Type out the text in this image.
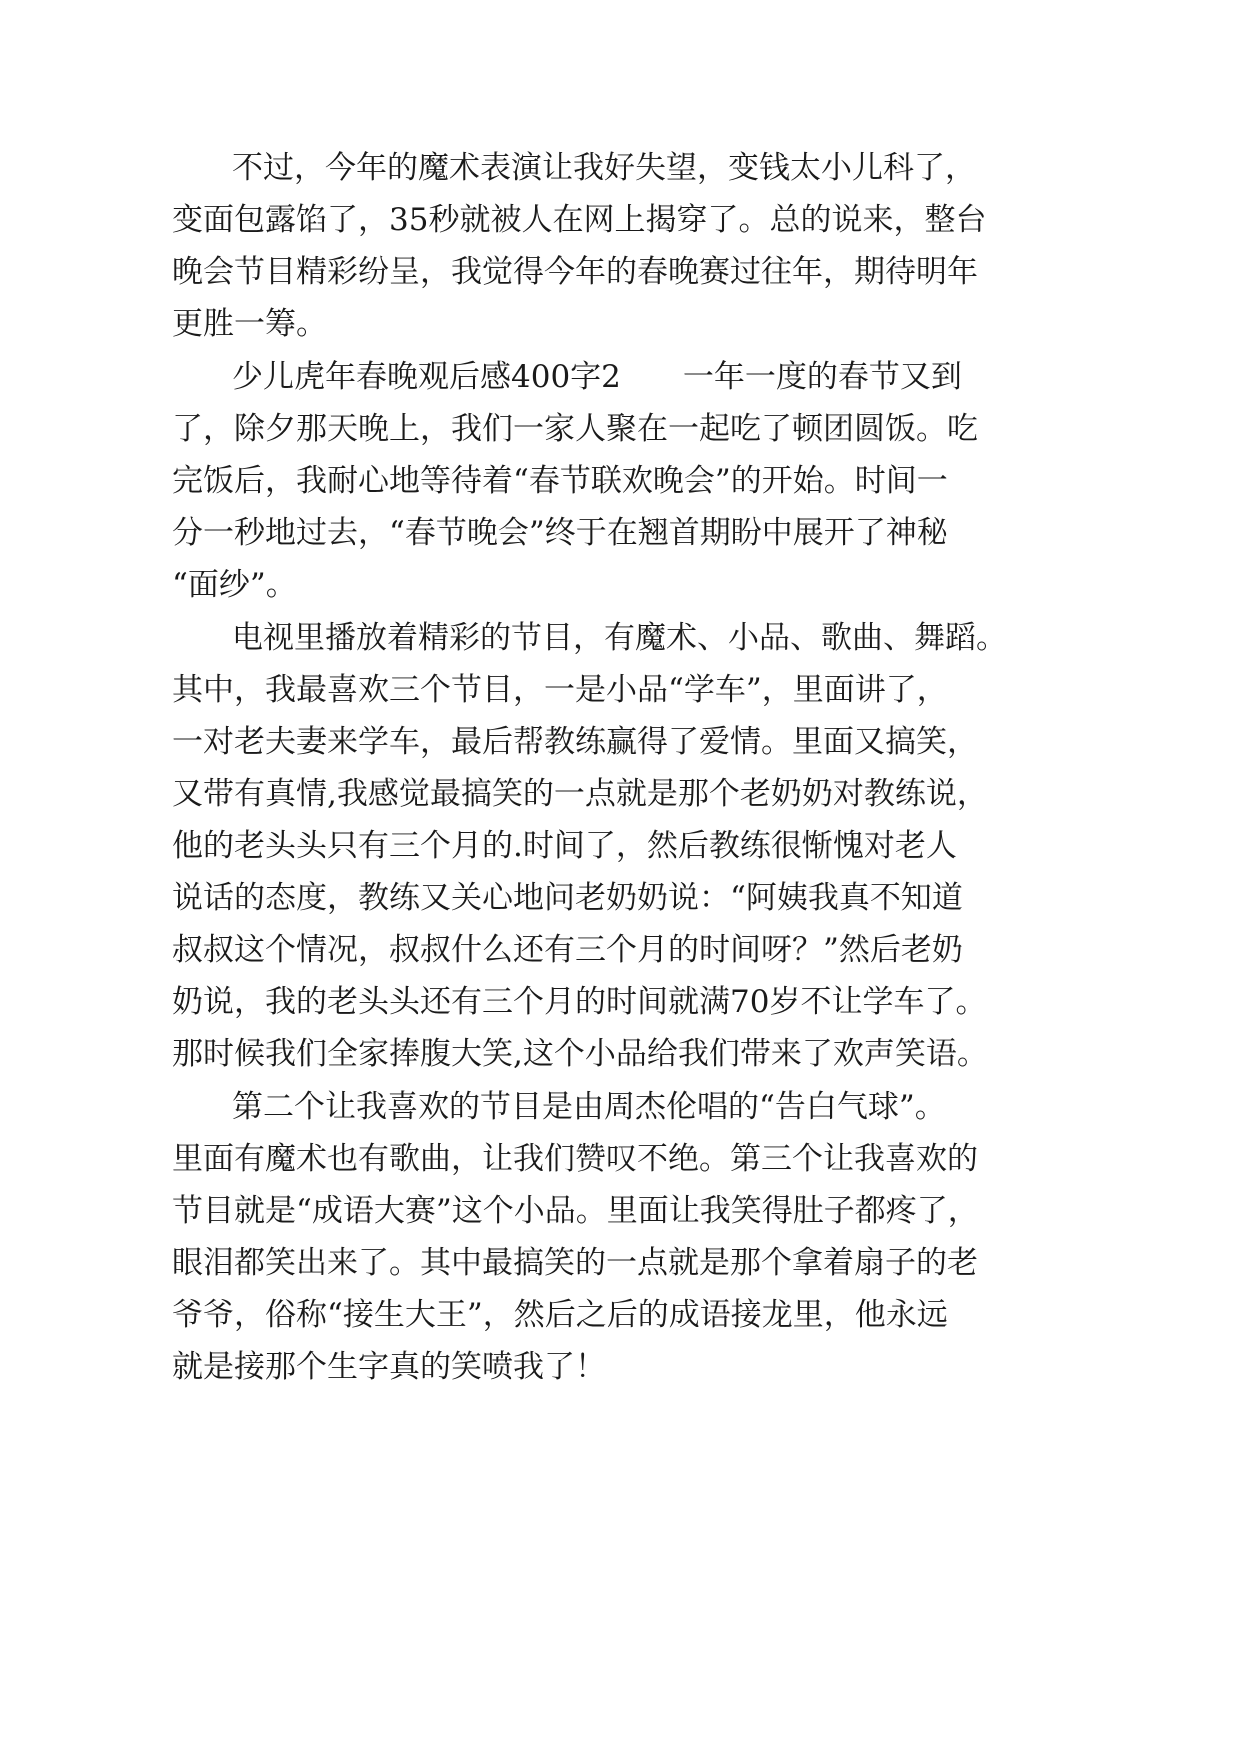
不过，今年的魔术表演让我好失望，变钱太小儿科了，
变面包露馅了，35秒就被人在网上揭穿了。总的说来，整台
晚会节目精彩纷呈，我觉得今年的春晚赛过往年，期待明年
更胜一筹。
少儿虎年春晚观后感400字2　　一年一度的春节又到
了，除夕那天晚上，我们一家人聚在一起吃了顿团圆饭。吃
完饭后，我耐心地等待着“春节联欢晚会”的开始。时间一
分一秒地过去，“春节晚会”终于在翘首期盼中展开了神秘
“面纱”。
电视里播放着精彩的节目，有魔术、小品、歌曲、舞蹈。
其中，我最喜欢三个节目，一是小品“学车”，里面讲了，
一对老夫妻来学车，最后帮教练赢得了爱情。里面又搞笑，
又带有真情,我感觉最搞笑的一点就是那个老奶奶对教练说，
他的老头头只有三个月的.时间了，然后教练很惭愧对老人
说话的态度，教练又关心地问老奶奶说：“阿姨我真不知道
叔叔这个情况，叔叔什么还有三个月的时间呀？”然后老奶
奶说，我的老头头还有三个月的时间就满70岁不让学车了。
那时候我们全家捧腹大笑,这个小品给我们带来了欢声笑语。
第二个让我喜欢的节目是由周杰伦唱的“告白气球”。
里面有魔术也有歌曲，让我们赞叹不绝。第三个让我喜欢的
节目就是“成语大赛”这个小品。里面让我笑得肚子都疼了，
眼泪都笑出来了。其中最搞笑的一点就是那个拿着扇子的老
爷爷，俗称“接生大王”，然后之后的成语接龙里，他永远
就是接那个生字真的笑喷我了！
